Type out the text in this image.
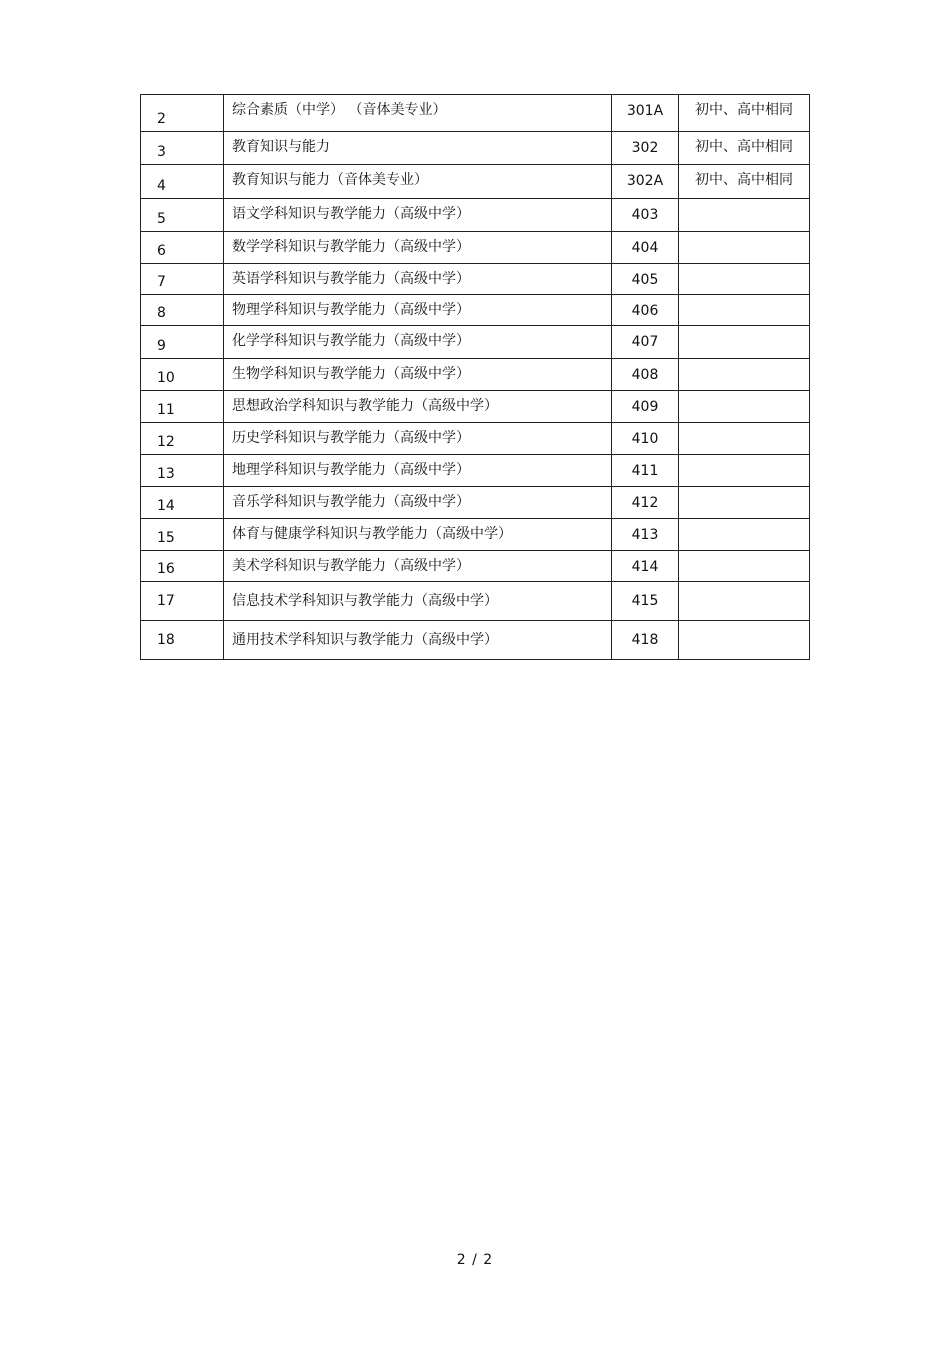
2	综合素质（中学） （音体美专业）	301A	初中、高中相同

3	教育知识与能力	302	初中、高中相同

4	教育知识与能力（音体美专业）	302A	初中、高中相同

5	语文学科知识与教学能力（高级中学）	403	

6	数学学科知识与教学能力（高级中学）	404	

7	英语学科知识与教学能力（高级中学）	405	

8	物理学科知识与教学能力（高级中学）	406	

9	化学学科知识与教学能力（高级中学）	407	

10	生物学科知识与教学能力（高级中学）	408	

11	思想政治学科知识与教学能力（高级中学）	409	

12	历史学科知识与教学能力（高级中学）	410	

13	地理学科知识与教学能力（高级中学）	411	

14	音乐学科知识与教学能力（高级中学）	412	

15	体育与健康学科知识与教学能力（高级中学）	413	

16	美术学科知识与教学能力（高级中学）	414	

17	信息技术学科知识与教学能力（高级中学）	415	

18	通用技术学科知识与教学能力（高级中学）	418	

2 / 2
